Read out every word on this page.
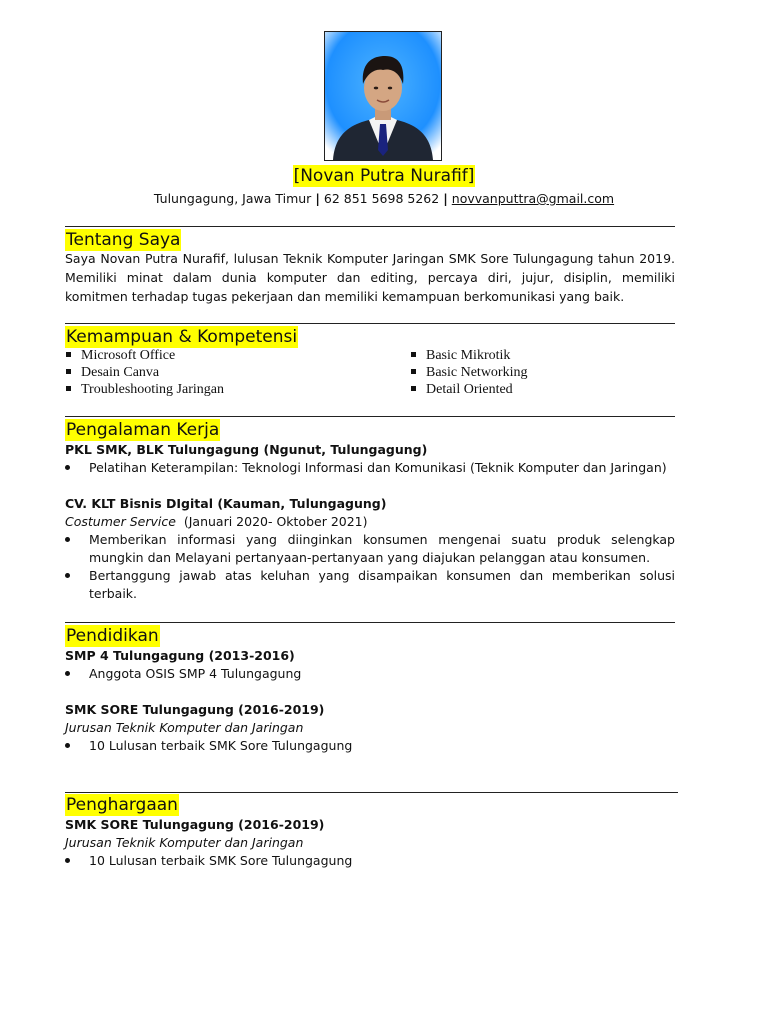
[Novan Putra Nurafif]
Tulungagung, Jawa Timur | 62 851 5698 5262 | novvanputtra@gmail.com
Tentang Saya
Saya Novan Putra Nurafif, lulusan Teknik Komputer Jaringan SMK Sore Tulungagung tahun 2019. Memiliki minat dalam dunia komputer dan editing, percaya diri, jujur, disiplin, memiliki komitmen terhadap tugas pekerjaan dan memiliki kemampuan berkomunikasi yang baik.
Kemampuan & Kompetensi
Microsoft Office
Desain Canva
Troubleshooting Jaringan
Basic Mikrotik
Basic Networking
Detail Oriented
Pengalaman Kerja
PKL SMK, BLK Tulungagung (Ngunut, Tulungagung)
Pelatihan Keterampilan: Teknologi Informasi dan Komunikasi (Teknik Komputer dan Jaringan)
CV. KLT Bisnis DIgital (Kauman, Tulungagung)
Costumer Service (Januari 2020- Oktober 2021)
Memberikan informasi yang diinginkan konsumen mengenai suatu produk selengkap mungkin dan Melayani pertanyaan-pertanyaan yang diajukan pelanggan atau konsumen.
Bertanggung jawab atas keluhan yang disampaikan konsumen dan memberikan solusi terbaik.
Pendidikan
SMP 4 Tulungagung (2013-2016)
Anggota OSIS SMP 4 Tulungagung
SMK SORE Tulungagung (2016-2019)
Jurusan Teknik Komputer dan Jaringan
10 Lulusan terbaik SMK Sore Tulungagung
Penghargaan
SMK SORE Tulungagung (2016-2019)
Jurusan Teknik Komputer dan Jaringan
10 Lulusan terbaik SMK Sore Tulungagung
